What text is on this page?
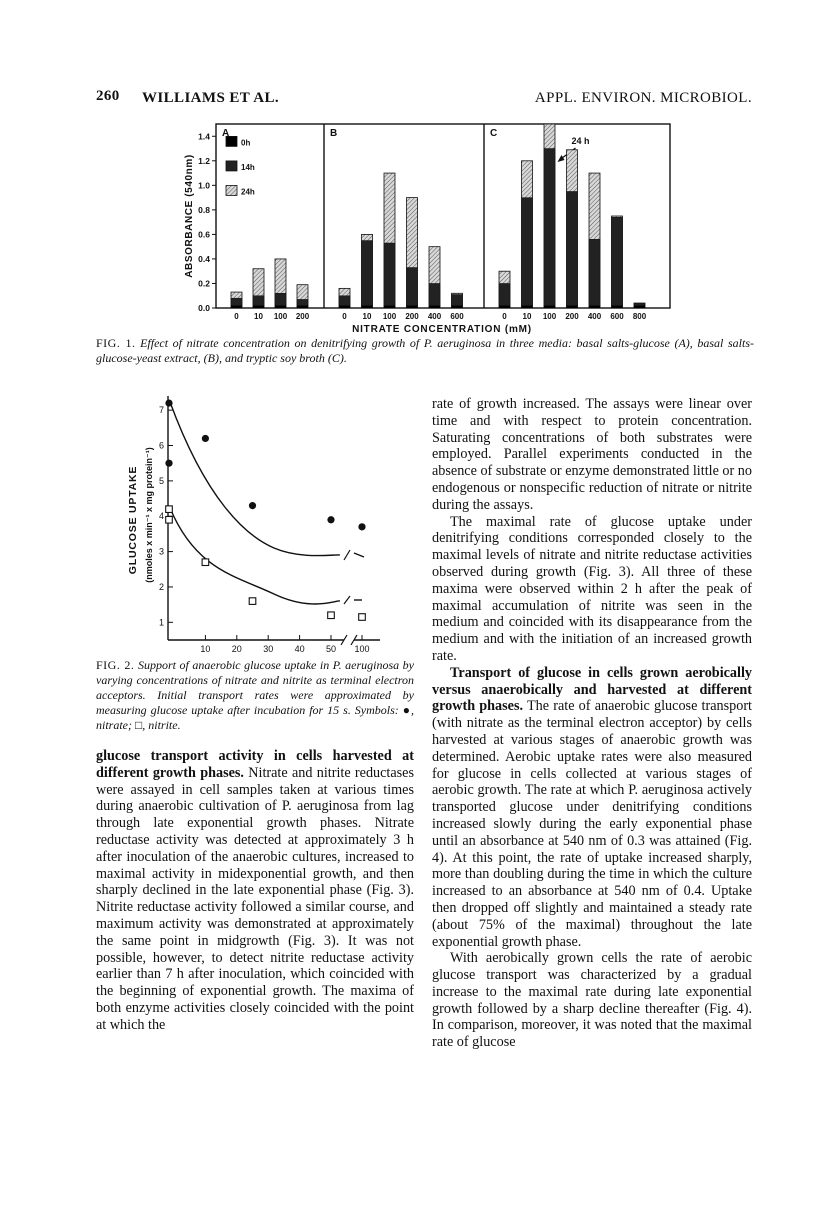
260 WILLIAMS ET AL.	APPL. ENVIRON. MICROBIOL.
0.0
0.2
0.4
0.6
0.8
1.0
1.2
1.4
ABSORBANCE (540nm)
A
0 10 100 200
B
0 10 100 200 400 600
C
0 10 100 200 400 600 800
0h
14h
24h
24 h
NITRATE CONCENTRATION (mM)
FIG. 1. Effect of nitrate concentration on denitrifying growth of P. aeruginosa in three media: basal salts-glucose (A), basal salts-glucose-yeast extract, (B), and tryptic soy broth (C).
1
2
3
4
5
6
7
10 20 30 40 50 100
GLUCOSE UPTAKE (nmoles x min⁻¹ x mg protein⁻¹)
FIG. 2. Support of anaerobic glucose uptake in P. aeruginosa by varying concentrations of nitrate and nitrite as terminal electron acceptors. Initial transport rates were approximated by measuring glucose uptake after incubation for 15 s. Symbols: ●, nitrate; □, nitrite.

glucose transport activity in cells harvested at different growth phases. Nitrate and nitrite reductases were assayed in cell samples taken at various times during anaerobic cultivation of P. aeruginosa from lag through late exponential growth phases. Nitrate reductase activity was detected at approximately 3 h after inoculation of the anaerobic cultures, increased to maximal activity in midexponential growth, and then sharply declined in the late exponential phase (Fig. 3). Nitrite reductase activity followed a similar course, and maximum activity was demonstrated at approximately the same point in midgrowth (Fig. 3). It was not possible, however, to detect nitrite reductase activity earlier than 7 h after inoculation, which coincided with the beginning of exponential growth. The maxima of both enzyme activities closely coincided with the point at which the

rate of growth increased. The assays were linear over time and with respect to protein concentration. Saturating concentrations of both substrates were employed. Parallel experiments conducted in the absence of substrate or enzyme demonstrated little or no endogenous or nonspecific reduction of nitrate or nitrite during the assays.

The maximal rate of glucose uptake under denitrifying conditions corresponded closely to the maximal levels of nitrate and nitrite reductase activities observed during growth (Fig. 3). All three of these maxima were observed within 2 h after the peak of maximal accumulation of nitrite was seen in the medium and coincided with its disappearance from the medium and with the initiation of an increased growth rate.

Transport of glucose in cells grown aerobically versus anaerobically and harvested at different growth phases. The rate of anaerobic glucose transport (with nitrate as the terminal electron acceptor) by cells harvested at various stages of anaerobic growth was determined. Aerobic uptake rates were also measured for glucose in cells collected at various stages of aerobic growth. The rate at which P. aeruginosa actively transported glucose under denitrifying conditions increased slowly during the early exponential phase until an absorbance at 540 nm of 0.3 was attained (Fig. 4). At this point, the rate of uptake increased sharply, more than doubling during the time in which the culture increased to an absorbance at 540 nm of 0.4. Uptake then dropped off slightly and maintained a steady rate (about 75% of the maximal) throughout the late exponential growth phase.

With aerobically grown cells the rate of aerobic glucose transport was characterized by a gradual increase to the maximal rate during late exponential growth followed by a sharp decline thereafter (Fig. 4). In comparison, moreover, it was noted that the maximal rate of glucose
